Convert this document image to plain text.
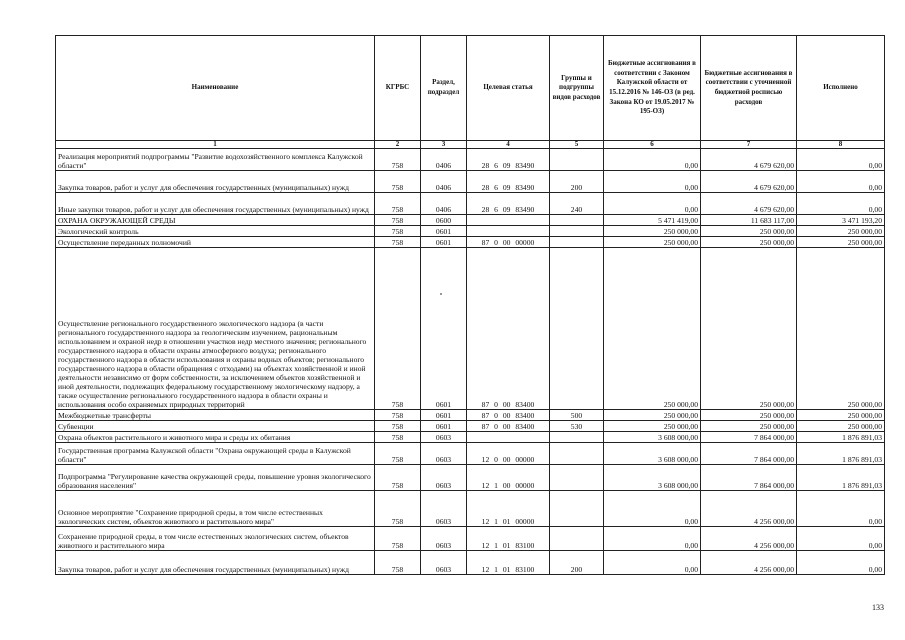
Наименование	КГРБС	Раздел, подраздел	Целевая статья	Группы и подгруппы видов расходов	Бюджетные ассигнования в соответствии с Законом Калужской области от 15.12.2016 № 146-ОЗ (в ред. Закона КО от 19.05.2017 № 195-ОЗ)	Бюджетные ассигнования в соответствии с уточненной бюджетной росписью расходов	Исполнено
1	2	3	4	5	6	7	8
Реализация мероприятий подпрограммы "Развитие водохозяйственного комплекса Калужской области"	758	0406	28 6 09 83490		0,00	4 679 620,00	0,00
Закупка товаров, работ и услуг для обеспечения государственных (муниципальных) нужд	758	0406	28 6 09 83490	200	0,00	4 679 620,00	0,00
Иные закупки товаров, работ и услуг для обеспечения государственных (муниципальных) нужд	758	0406	28 6 09 83490	240	0,00	4 679 620,00	0,00
ОХРАНА ОКРУЖАЮЩЕЙ СРЕДЫ	758	0600			5 471 419,00	11 683 117,00	3 471 193,20
Экологический контроль	758	0601			250 000,00	250 000,00	250 000,00
Осуществление переданных полномочий	758	0601	87 0 00 00000		250 000,00	250 000,00	250 000,00
Осуществление регионального государственного экологического надзора (в части регионального государственного надзора за геологическим изучением, рациональным использованием и охраной недр в отношении участков недр местного значения; регионального государственного надзора в области охраны атмосферного воздуха; регионального государственного надзора в области использования и охраны водных объектов; регионального государственного надзора в области обращения с отходами) на объектах хозяйственной и иной деятельности независимо от форм собственности, за исключением объектов хозяйственной и иной деятельности, подлежащих федеральному государственному экологическому надзору, а также осуществление регионального государственного надзора в области охраны и использования особо охраняемых природных территорий	758	0601	87 0 00 83400		250 000,00	250 000,00	250 000,00
Межбюджетные трансферты	758	0601	87 0 00 83400	500	250 000,00	250 000,00	250 000,00
Субвенции	758	0601	87 0 00 83400	530	250 000,00	250 000,00	250 000,00
Охрана объектов растительного и животного мира и среды их обитания	758	0603			3 608 000,00	7 864 000,00	1 876 891,03
Государственная программа Калужской области "Охрана окружающей среды в Калужской области"	758	0603	12 0 00 00000		3 608 000,00	7 864 000,00	1 876 891,03
Подпрограмма "Регулирование качества окружающей среды, повышение уровня экологического образования населения"	758	0603	12 1 00 00000		3 608 000,00	7 864 000,00	1 876 891,03
Основное мероприятие "Сохранение природной среды, в том числе естественных экологических систем, объектов животного и растительного мира"	758	0603	12 1 01 00000		0,00	4 256 000,00	0,00
Сохранение природной среды, в том числе естественных экологических систем, объектов животного и растительного мира	758	0603	12 1 01 83100		0,00	4 256 000,00	0,00
Закупка товаров, работ и услуг для обеспечения государственных (муниципальных) нужд	758	0603	12 1 01 83100	200	0,00	4 256 000,00	0,00
133
